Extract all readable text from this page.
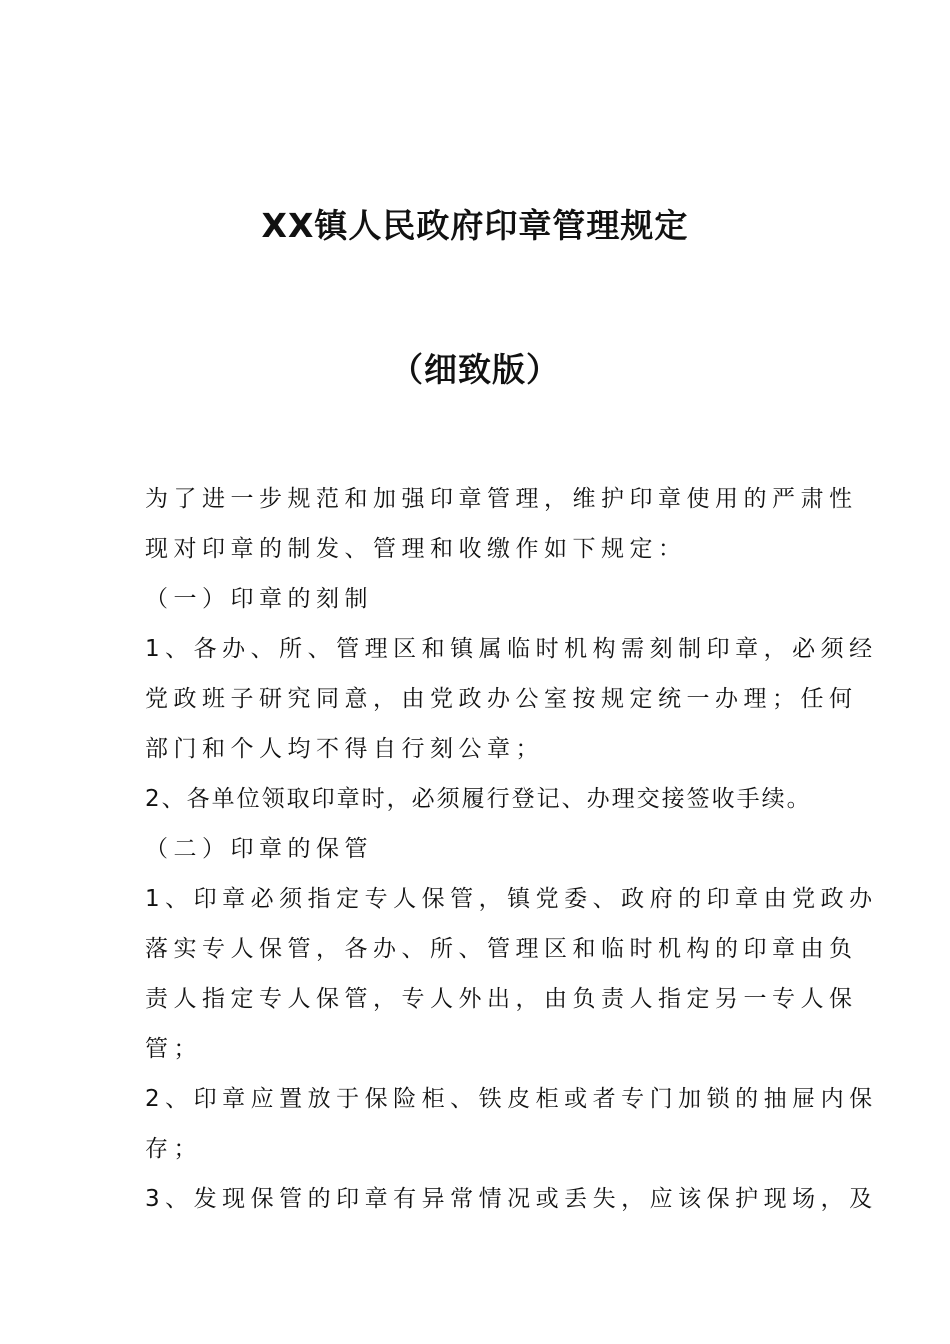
XX镇人民政府印章管理规定
（细致版）

为了进一步规范和加强印章管理，维护印章使用的严肃性

现对印章的制发、管理和收缴作如下规定：

（一）印章的刻制

1、各办、所、管理区和镇属临时机构需刻制印章，必须经

党政班子研究同意，由党政办公室按规定统一办理；任何

部门和个人均不得自行刻公章；

2、各单位领取印章时，必须履行登记、办理交接签收手续。

（二）印章的保管

1、印章必须指定专人保管，镇党委、政府的印章由党政办

落实专人保管，各办、所、管理区和临时机构的印章由负

责人指定专人保管，专人外出，由负责人指定另一专人保

管；

2、印章应置放于保险柜、铁皮柜或者专门加锁的抽屉内保

存；

3、发现保管的印章有异常情况或丢失，应该保护现场，及
